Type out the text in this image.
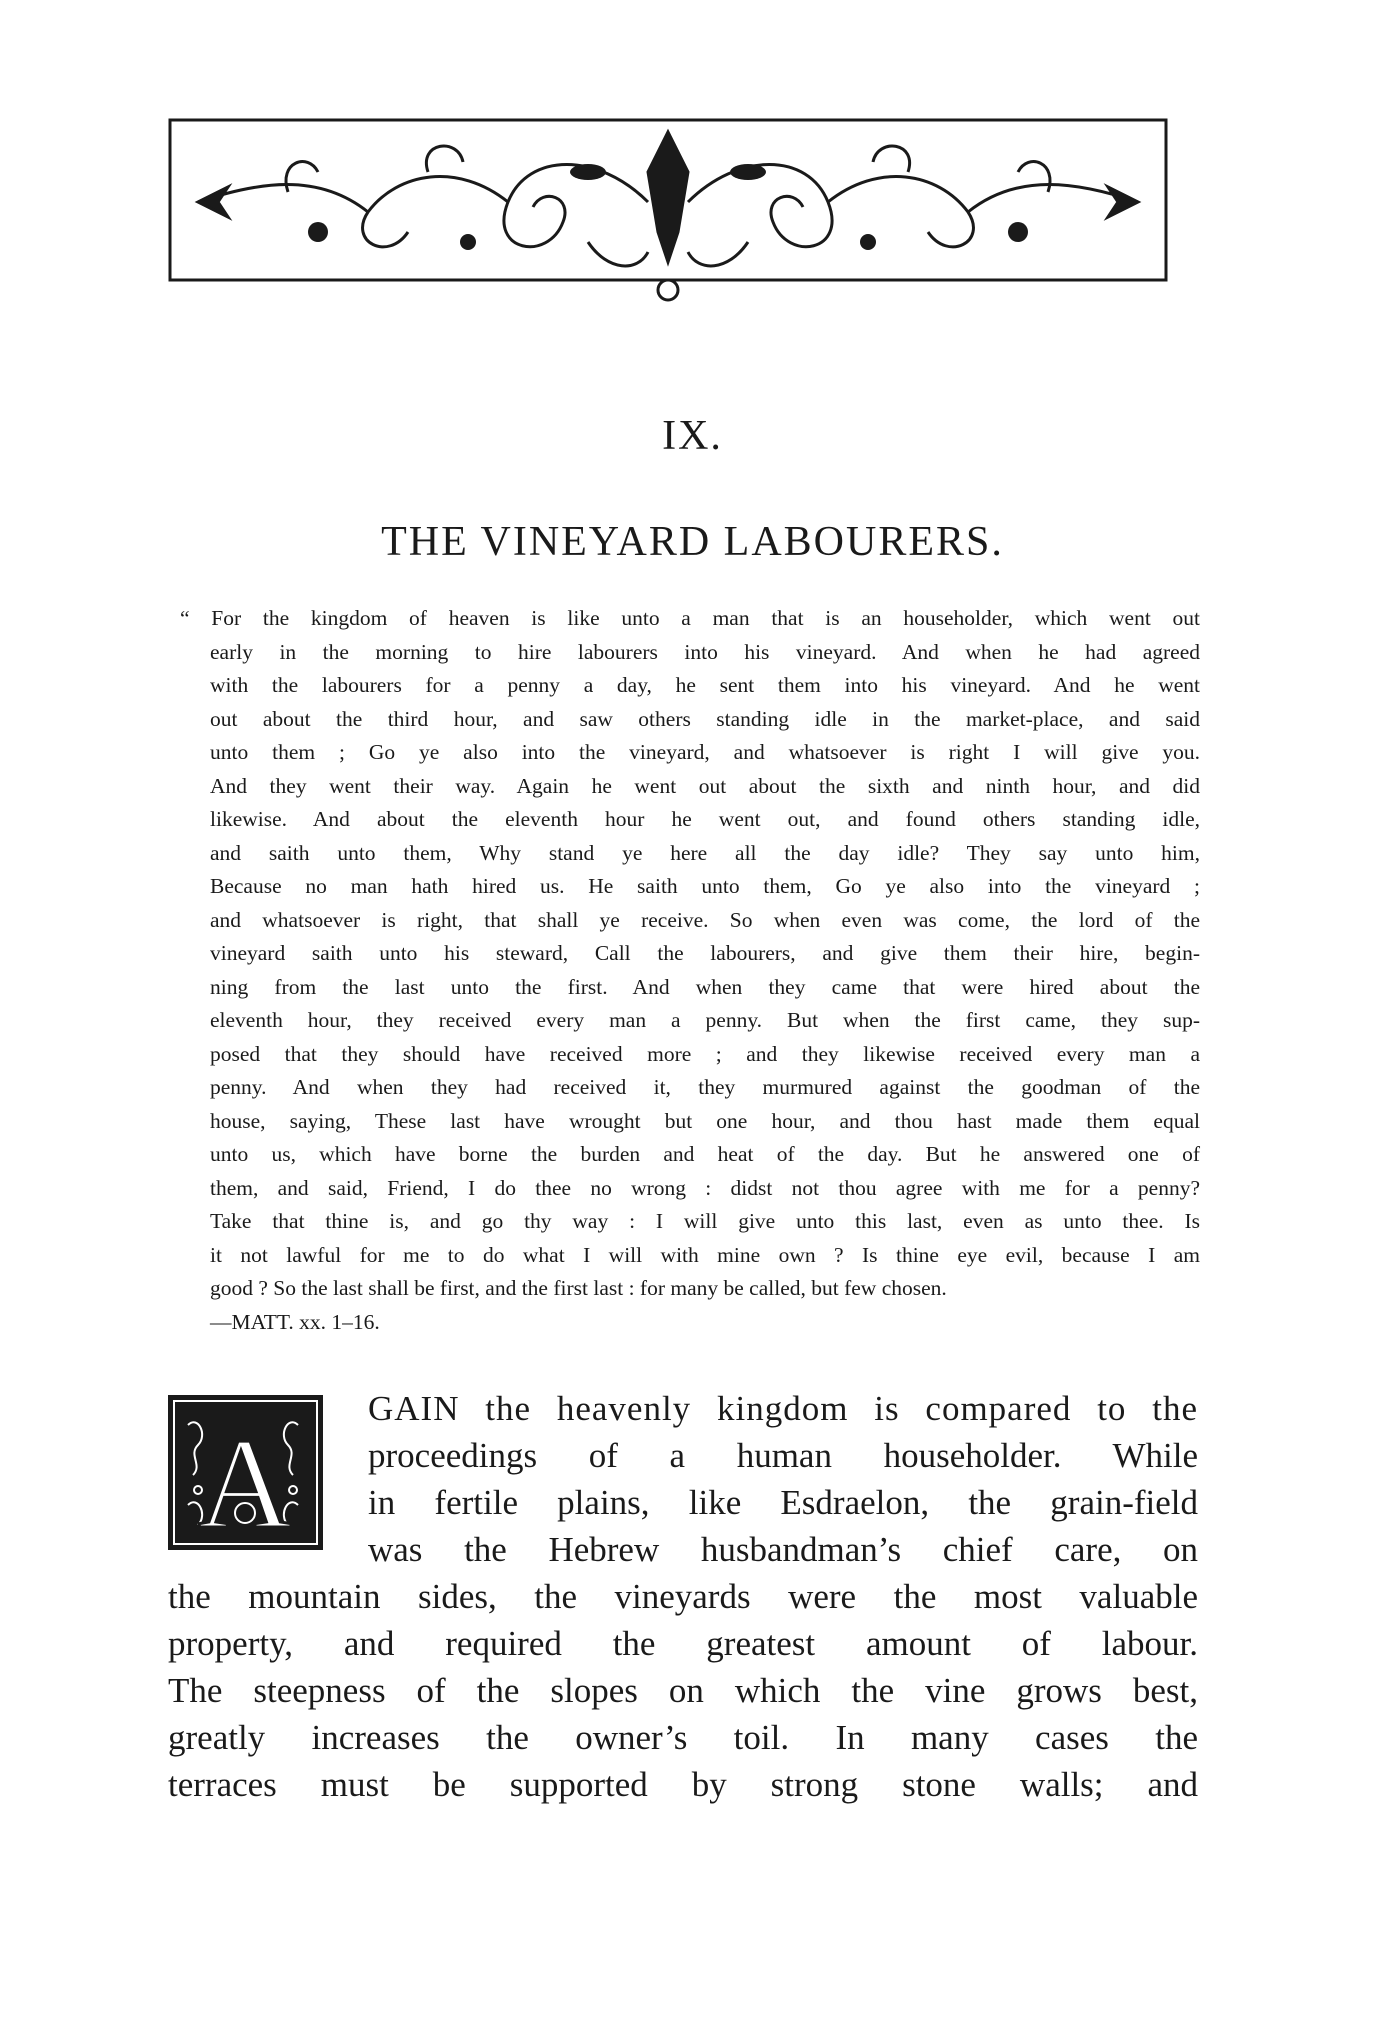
IX.
THE VINEYARD LABOURERS.
“ For the kingdom of heaven is like unto a man that is an householder, which went out
early in the morning to hire labourers into his vineyard. And when he had agreed
with the labourers for a penny a day, he sent them into his vineyard. And he went
out about the third hour, and saw others standing idle in the market-place, and said
unto them ; Go ye also into the vineyard, and whatsoever is right I will give you.
And they went their way. Again he went out about the sixth and ninth hour, and did
likewise. And about the eleventh hour he went out, and found others standing idle,
and saith unto them, Why stand ye here all the day idle? They say unto him,
Because no man hath hired us. He saith unto them, Go ye also into the vineyard ;
and whatsoever is right, that shall ye receive. So when even was come, the lord of the
vineyard saith unto his steward, Call the labourers, and give them their hire, begin-
ning from the last unto the first. And when they came that were hired about the
eleventh hour, they received every man a penny. But when the first came, they sup-
posed that they should have received more ; and they likewise received every man a
penny. And when they had received it, they murmured against the goodman of the
house, saying, These last have wrought but one hour, and thou hast made them equal
unto us, which have borne the burden and heat of the day. But he answered one of
them, and said, Friend, I do thee no wrong : didst not thou agree with me for a penny?
Take that thine is, and go thy way : I will give unto this last, even as unto thee. Is
it not lawful for me to do what I will with mine own ? Is thine eye evil, because I am
good ? So the last shall be first, and the first last : for many be called, but few chosen.
—MATT. xx. 1–16.
A
GAIN the heavenly kingdom is compared to the
proceedings of a human householder. While
in fertile plains, like Esdraelon, the grain-field
was the Hebrew husbandman’s chief care, on
the mountain sides, the vineyards were the most valuable
property, and required the greatest amount of labour.
The steepness of the slopes on which the vine grows best,
greatly increases the owner’s toil. In many cases the
terraces must be supported by strong stone walls; and
